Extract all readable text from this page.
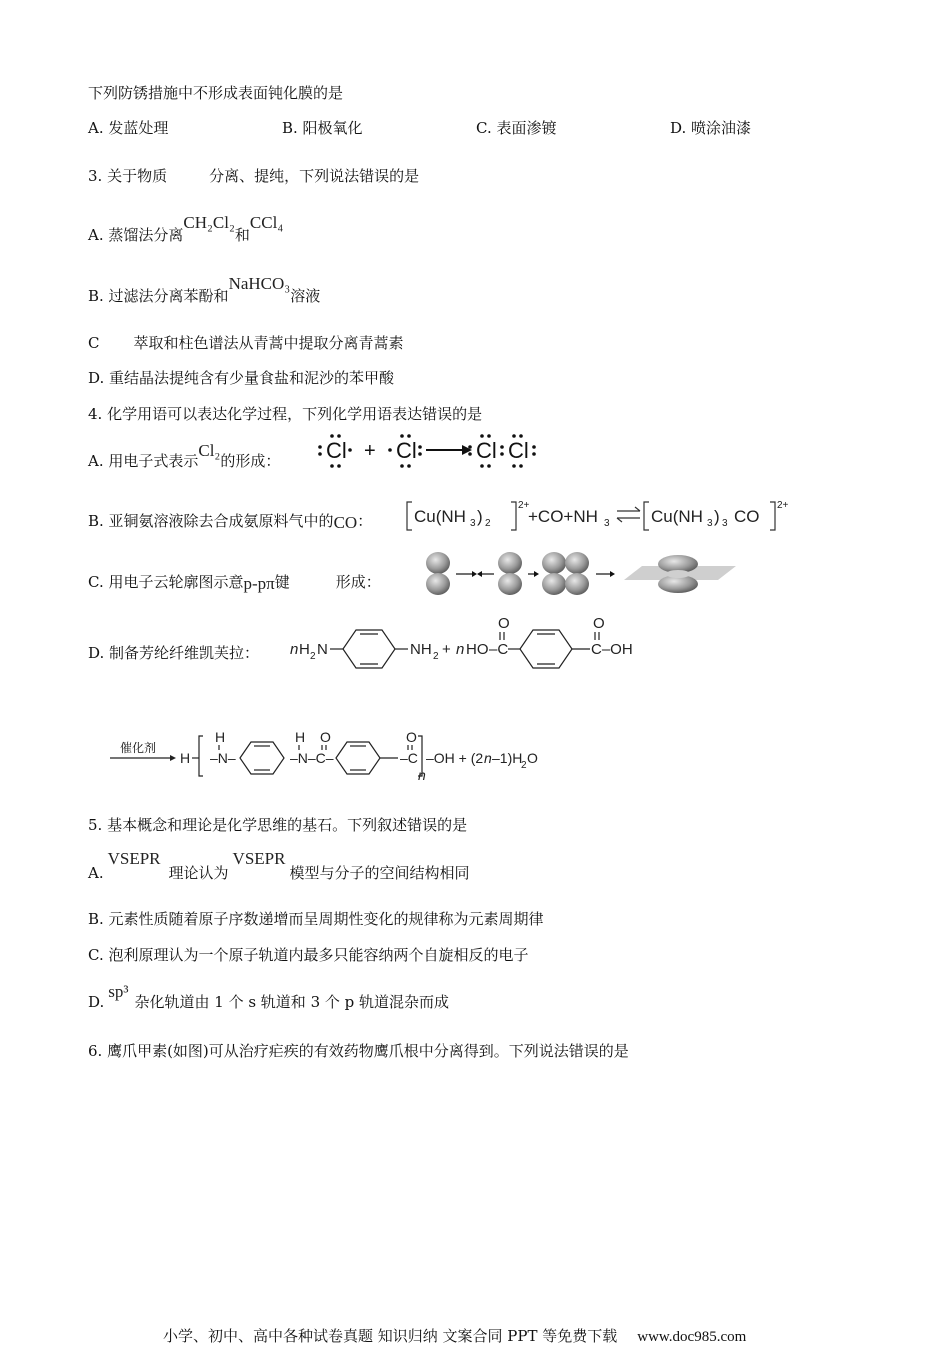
下列防锈措施中不形成表面钝化膜的是
A. 发蓝处理	B. 阳极氧化	C. 表面渗镀	D. 喷涂油漆
3. 关于物质	分离、提纯，下列说法错误的是
A. 蒸馏法分离CH₂Cl₂和CCl₄
B. 过滤法分离苯酚和NaHCO₃溶液
C 萃取和柱色谱法从青蒿中提取分离青蒿素
D. 重结晶法提纯含有少量食盐和泥沙的苯甲酸
4. 化学用语可以表达化学过程，下列化学用语表达错误的是
A. 用电子式表示Cl₂的形成： Cl + Cl	Cl Cl
B. 亚铜氨溶液除去合成氨原料气中的CO： Cu(NH 3 ) 2
2+
+CO+NH 3 Cu(NH 3 ) 3 CO
2+
C. 用电子云轮廓图示意p-pπ键	形成：
D. 制备芳纶纤维凯芙拉： n H 2 N	NH 2 + n HO –C
O
C–OH
O
催化剂
H
H
–N–
H
–N–C–
O
–C
O
–OH + (2 n –1)H
2 O
n
5. 基本概念和理论是化学思维的基石。下列叙述错误的是
A.VSEPR理论认为VSEPR模型与分子的空间结构相同
B. 元素性质随着原子序数递增而呈周期性变化的规律称为元素周期律
C. 泡利原理认为一个原子轨道内最多只能容纳两个自旋相反的电子
D.sp³杂化轨道由 1 个 s 轨道和 3 个 p 轨道混杂而成
6. 鹰爪甲素(如图)可从治疗疟疾的有效药物鹰爪根中分离得到。下列说法错误的是
小学、初中、高中各种试卷真题 知识归纳 文案合同 PPT 等免费下载 www.doc985.com
